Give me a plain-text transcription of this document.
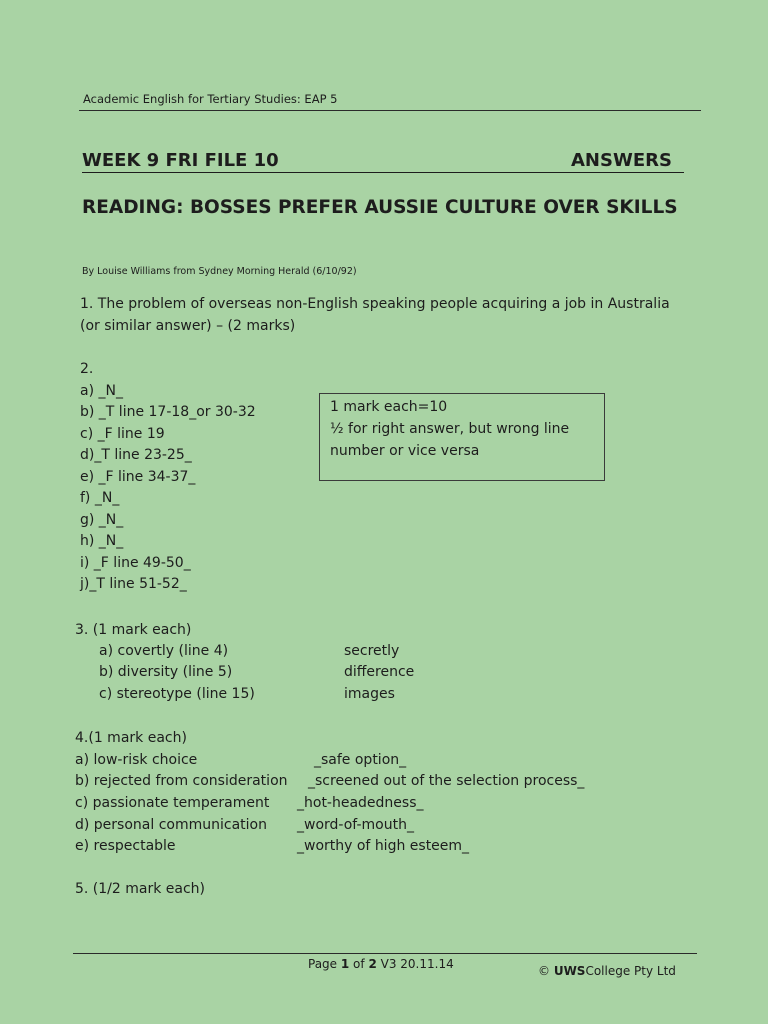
Academic English for Tertiary Studies: EAP 5
WEEK 9 FRI FILE 10	ANSWERS
READING: BOSSES PREFER AUSSIE CULTURE OVER SKILLS
By Louise Williams from Sydney Morning Herald (6/10/92)
1. The problem of overseas non-English speaking people acquiring a job in Australia (or similar answer) – (2 marks)
2.
a) _N_
b) _T line 17-18_or 30-32
c) _F line 19
d)_T line 23-25_
e) _F line 34-37_
f) _N_
g) _N_
h) _N_
i) _F line 49-50_
j)_T line 51-52_
1 mark each=10
½ for right answer, but wrong line
number or vice versa
3. (1 mark each)
a) covertly (line 4)	secretly
b) diversity (line 5)	difference
c) stereotype (line 15)	images
4.(1 mark each)
a) low-risk choice	_safe option_
b) rejected from consideration _screened out of the selection process_
c) passionate temperament _hot-headedness_
d) personal communication _word-of-mouth_
e) respectable	_worthy of high esteem_
5. (1/2 mark each)
Page 1 of 2 V3 20.11.14	© UWSCollege Pty Ltd
